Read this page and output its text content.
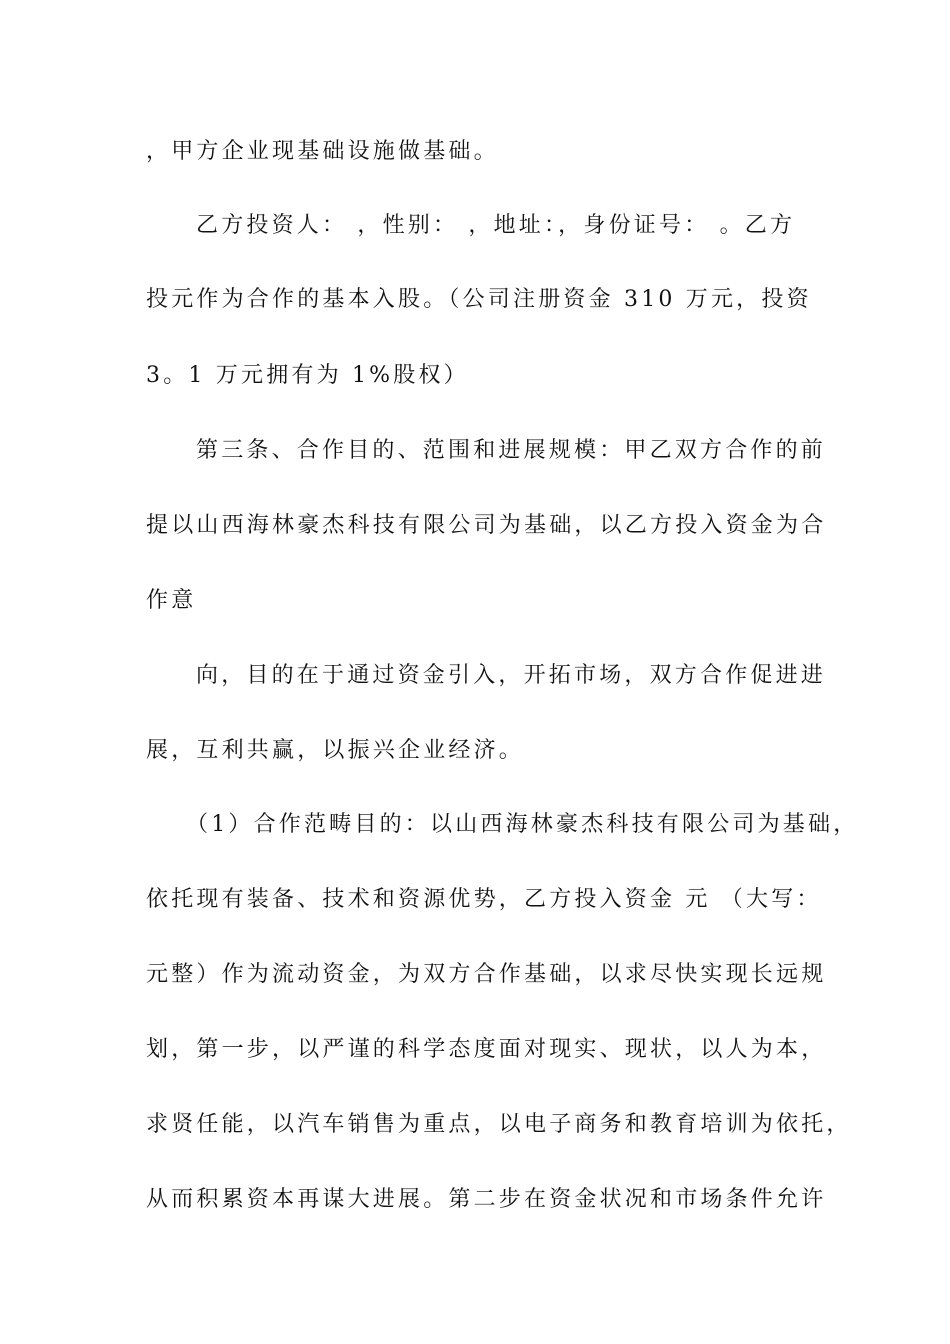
，甲方企业现基础设施做基础。
乙方投资人： ，性别： ，地址：，身份证号： 。乙方
投元作为合作的基本入股。（公司注册资金 310 万元，投资
3。1 万元拥有为 1%股权）
第三条、合作目的、范围和进展规模：甲乙双方合作的前
提以山西海林豪杰科技有限公司为基础，以乙方投入资金为合
作意
向，目的在于通过资金引入，开拓市场，双方合作促进进
展，互利共赢，以振兴企业经济。
（1）合作范畴目的：以山西海林豪杰科技有限公司为基础，
依托现有装备、技术和资源优势，乙方投入资金 元 （大写：
元整）作为流动资金，为双方合作基础，以求尽快实现长远规
划，第一步，以严谨的科学态度面对现实、现状，以人为本，
求贤任能，以汽车销售为重点，以电子商务和教育培训为依托，
从而积累资本再谋大进展。第二步在资金状况和市场条件允许
